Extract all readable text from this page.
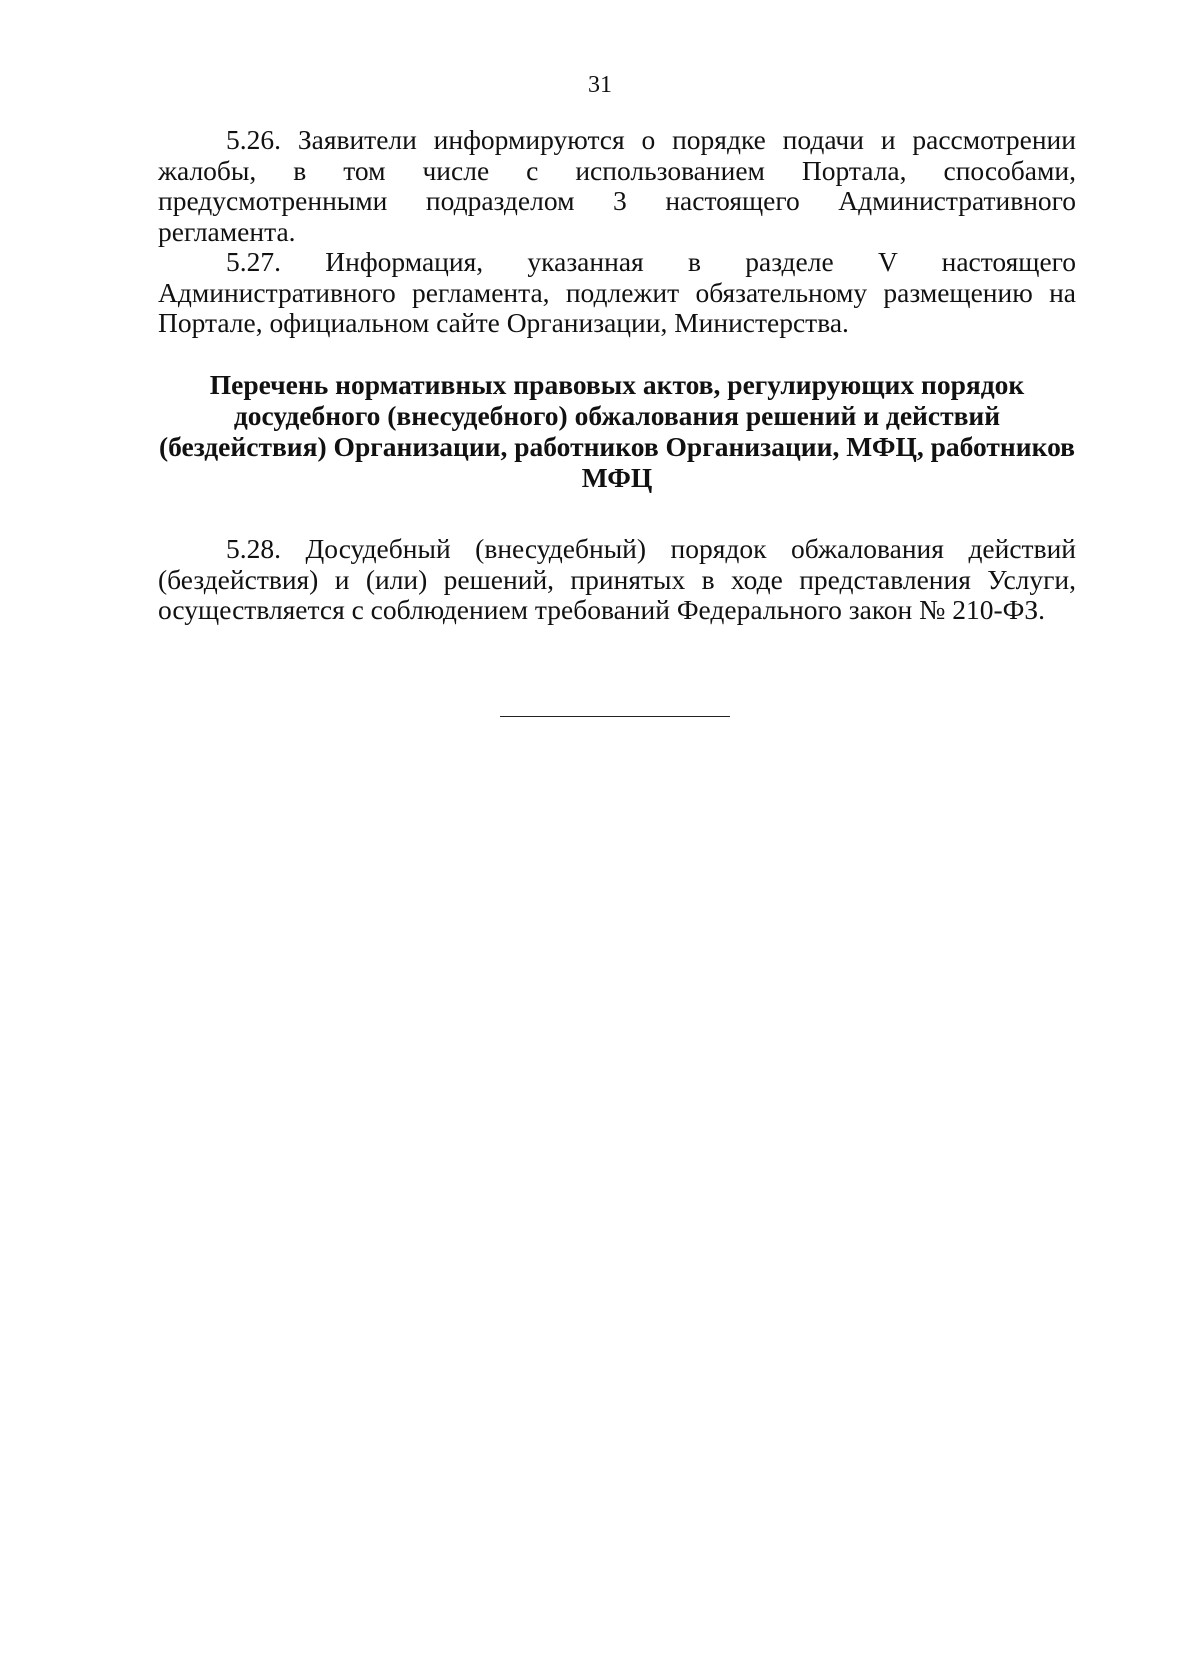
31

5.26. Заявители информируются о порядке подачи и рассмотрении жалобы, в том числе с использованием Портала, способами, предусмотренными подразделом 3 настоящего Административного регламента.

5.27. Информация, указанная в разделе V настоящего Административного регламента, подлежит обязательному размещению на Портале, официальном сайте Организации, Министерства.

Перечень нормативных правовых актов, регулирующих порядок досудебного (внесудебного) обжалования решений и действий (бездействия) Организации, работников Организации, МФЦ, работников МФЦ

5.28. Досудебный (внесудебный) порядок обжалования действий (бездействия) и (или) решений, принятых в ходе представления Услуги, осуществляется с соблюдением требований Федерального закон № 210-ФЗ.
